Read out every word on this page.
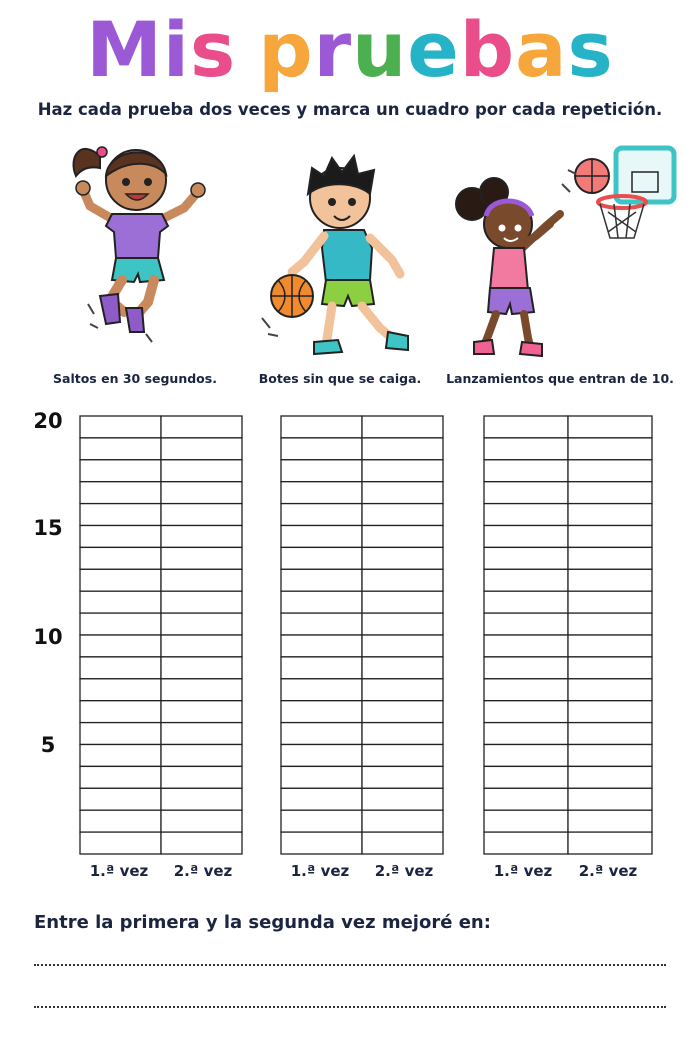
Mis pruebas
Haz cada prueba dos veces y marca un cuadro por cada repetición.
Saltos en 30 segundos.	Botes sin que se caiga.	Lanzamientos que entran de 10.
20
15
10
5
1.ª vez	2.ª vez	1.ª vez	2.ª vez	1.ª vez	2.ª vez
Entre la primera y la segunda vez mejoré en:
